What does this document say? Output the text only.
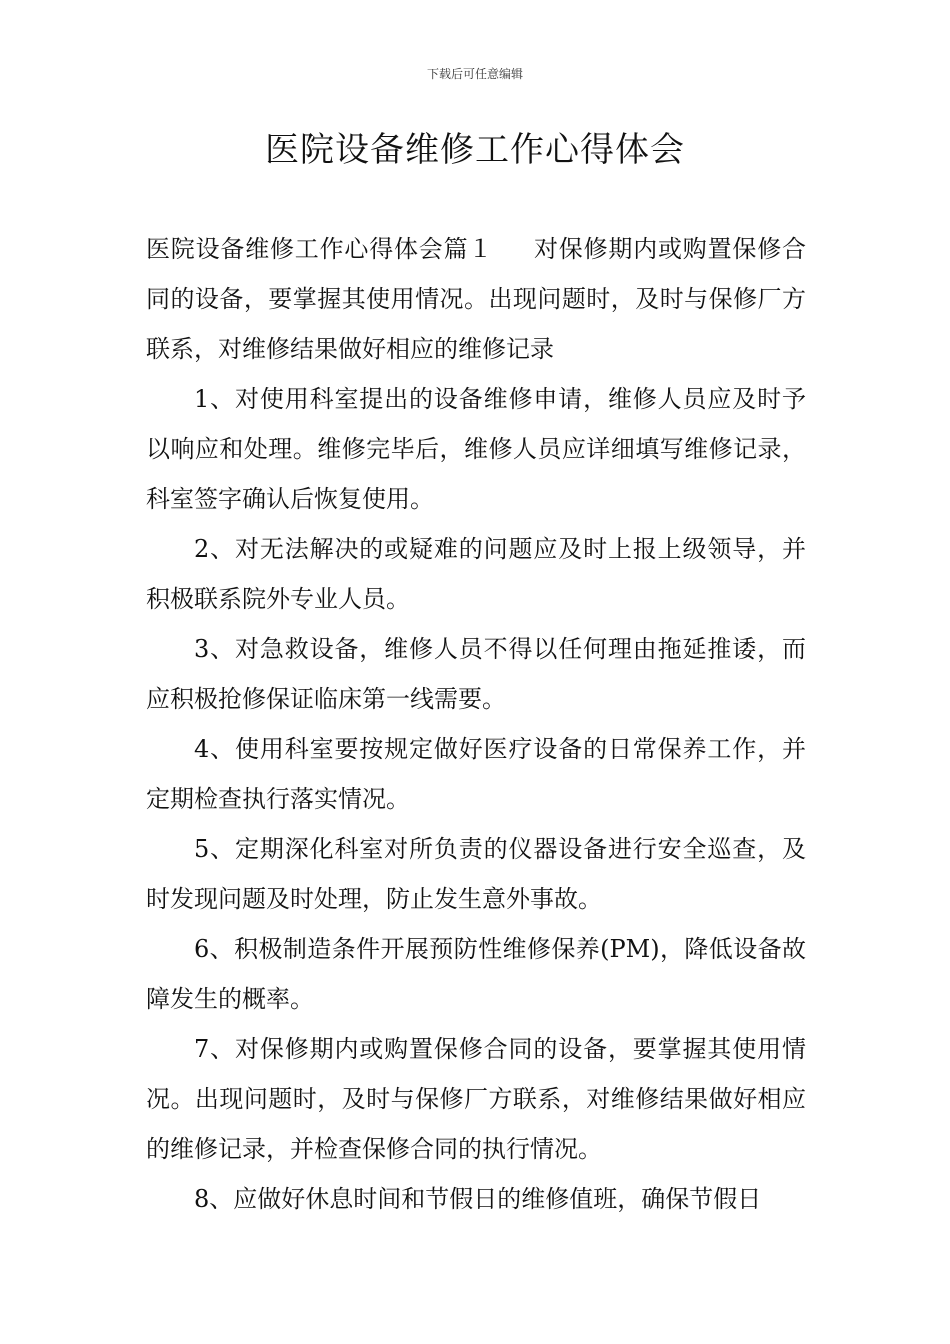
下载后可任意编辑
医院设备维修工作心得体会

医院设备维修工作心得体会篇１ 对保修期内或购置保修合同的设备，要掌握其使用情况。出现问题时，及时与保修厂方联系，对维修结果做好相应的维修记录

1、对使用科室提出的设备维修申请，维修人员应及时予以响应和处理。维修完毕后，维修人员应详细填写维修记录，科室签字确认后恢复使用。

2、对无法解决的或疑难的问题应及时上报上级领导，并积极联系院外专业人员。

3、对急救设备，维修人员不得以任何理由拖延推诿，而应积极抢修保证临床第一线需要。

4、使用科室要按规定做好医疗设备的日常保养工作，并定期检查执行落实情况。

5、定期深化科室对所负责的仪器设备进行安全巡查，及时发现问题及时处理，防止发生意外事故。

6、积极制造条件开展预防性维修保养(PM)，降低设备故障发生的概率。

7、对保修期内或购置保修合同的设备，要掌握其使用情况。出现问题时，及时与保修厂方联系，对维修结果做好相应的维修记录，并检查保修合同的执行情况。

8、应做好休息时间和节假日的维修值班，确保节假日
